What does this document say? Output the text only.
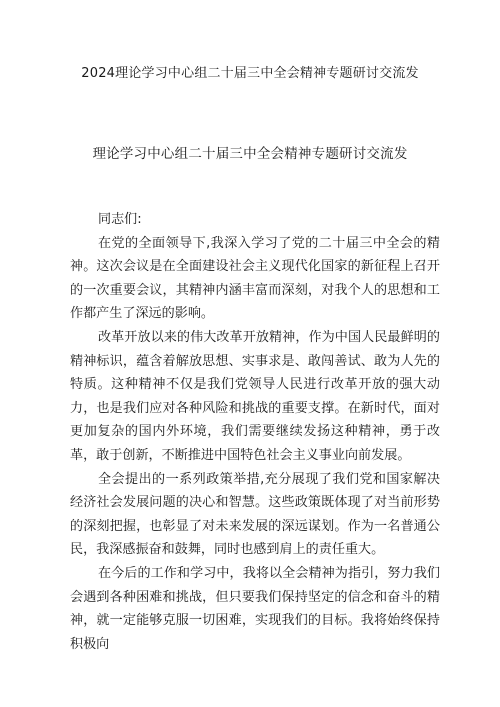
2024理论学习中心组二十届三中全会精神专题研讨交流发
理论学习中心组二十届三中全会精神专题研讨交流发
同志们:

在党的全面领导下,我深入学习了党的二十届三中全会的精神。这次会议是在全面建设社会主义现代化国家的新征程上召开的一次重要会议，其精神内涵丰富而深刻，对我个人的思想和工作都产生了深远的影响。

改革开放以来的伟大改革开放精神，作为中国人民最鲜明的精神标识，蕴含着解放思想、实事求是、敢闯善试、敢为人先的特质。这种精神不仅是我们党领导人民进行改革开放的强大动力，也是我们应对各种风险和挑战的重要支撑。在新时代，面对更加复杂的国内外环境，我们需要继续发扬这种精神，勇于改革，敢于创新，不断推进中国特色社会主义事业向前发展。

全会提出的一系列政策举措,充分展现了我们党和国家解决经济社会发展问题的决心和智慧。这些政策既体现了对当前形势的深刻把握，也彰显了对未来发展的深远谋划。作为一名普通公民，我深感振奋和鼓舞，同时也感到肩上的责任重大。

在今后的工作和学习中，我将以全会精神为指引，努力我们会遇到各种困难和挑战，但只要我们保持坚定的信念和奋斗的精神，就一定能够克服一切困难，实现我们的目标。我将始终保持积极向
